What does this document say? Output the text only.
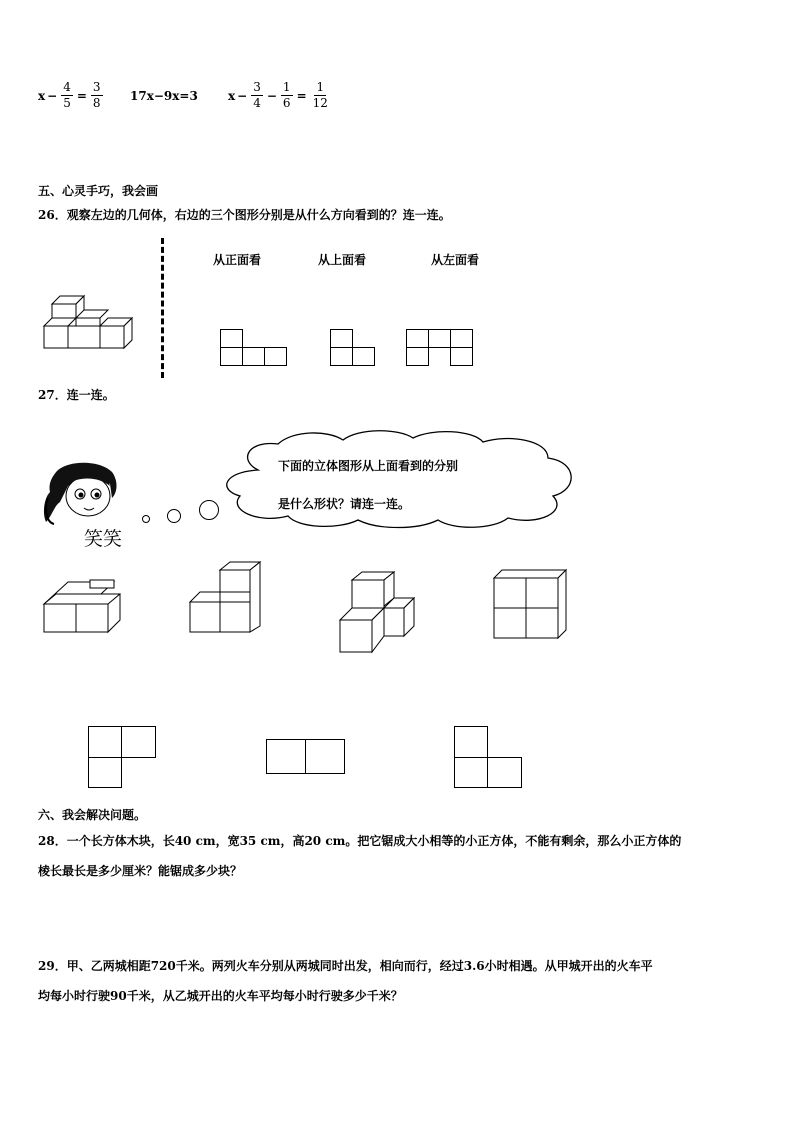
$x - \frac{4}{5} = \frac{3}{8} 17x-9x=3$	$x - \frac{3}{4} - \frac{1}{6} = \frac{1}{12}$
五、心灵手巧，我会画
26．观察左边的几何体，右边的三个图形分别是从什么方向看到的？连一连。
从正面看	从上面看	从左面看
27．连一连。
下面的立体图形从上面看到的分别
是什么形状？请连一连。
笑笑
六、我会解决问题。
28．一个长方体木块，长40 cm，宽35 cm，高20 cm。把它锯成大小相等的小正方体，不能有剩余，那么小正方体的
棱长最长是多少厘米？能锯成多少块？
29．甲、乙两城相距720千米。两列火车分别从两城同时出发，相向而行，经过3.6小时相遇。从甲城开出的火车平
均每小时行驶90千米，从乙城开出的火车平均每小时行驶多少千米？
